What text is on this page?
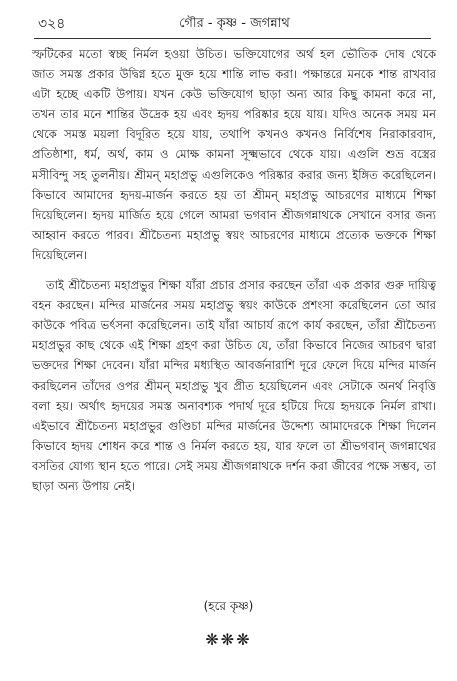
৩২৪	গৌর - কৃষ্ণ - জগন্নাথ

স্ফটিকের মতো স্বচ্ছ নির্মল হওয়া উচিত। ভক্তিযোগের অর্থ হল ভৌতিক দোষ থেকে জাত সমস্ত প্রকার উদ্বিগ্ন হতে মুক্ত হয়ে শান্তি লাভ করা। পক্ষান্তরে মনকে শান্ত রাখবার এটা হচ্ছে একটি উপায়। যখন কেউ ভক্তিযোগ ছাড়া অন্য আর কিছু কামনা করে না, তখন তার মনে শান্তির উদ্রেক হয় এবং হৃদয় পরিষ্কার হয়ে যায়। যদিও অনেক সময় মন থেকে সমস্ত ময়লা বিদূরিত হয়ে যায়, তথাপি কখনও কখনও নির্বিশেষ নিরাকারবাদ, প্রতিষ্ঠাশা, ধর্ম, অর্থ, কাম ও মোক্ষ কামনা সূক্ষ্মভাবে থেকে যায়। এগুলি শুভ্র বস্ত্রের মসীবিন্দু সহ তুলনীয়। শ্রীমন্ মহাপ্রভু এগুলিকেও পরিষ্কার করার জন্য ইঙ্গিত করেছিলেন। কিভাবে আমাদের হৃদয়-মার্জন করতে হয় তা শ্রীমন্ মহাপ্রভু আচরণের মাধ্যমে শিক্ষা দিয়েছিলেন। হৃদয় মার্জিত হয়ে গেলে আমরা ভগবান শ্রীজগন্নাথকে সেখানে বসার জন্য আহ্বান করতে পারব। শ্রীচৈতন্য মহাপ্রভু স্বয়ং আচরণের মাধ্যমে প্রত্যেক ভক্তকে শিক্ষা দিয়েছিলেন।

তাই শ্রীচৈতন্য মহাপ্রভুর শিক্ষা যাঁরা প্রচার প্রসার করছেন তাঁরা এক প্রকার গুরু দায়িত্ব বহন করছেন। মন্দির মার্জনের সময় মহাপ্রভু স্বয়ং কাউকে প্রশংসা করেছিলেন তো আর কাউকে পবিত্র ভর্ৎসনা করেছিলেন। তাই যাঁরা আচার্য রূপে কার্য করছেন, তাঁরা শ্রীচৈতন্য মহাপ্রভুর কাছ থেকে এই শিক্ষা গ্রহণ করা উচিত যে, তাঁরা কিভাবে নিজের আচরণ দ্বারা ভক্তদের শিক্ষা দেবেন। যাঁরা মন্দির মধ্যস্থিত আবর্জনারাশি দূরে ফেলে দিয়ে মন্দির মার্জন করছিলেন তাঁদের ওপর শ্রীমন্ মহাপ্রভু খুব প্রীত হয়েছিলেন এবং সেটাকে অনর্থ নিবৃত্তি বলা হয়। অর্থাৎ হৃদয়ের সমস্ত অনাবশ্যক পদার্থ দূরে হটিয়ে দিয়ে হৃদয়কে নির্মল রাখা। এইভাবে শ্রীচৈতন্য মহাপ্রভুর গুণ্ডিচা মন্দির মার্জনের উদ্দেশ্য আমাদেরকে শিক্ষা দিলেন কিভাবে হৃদয় শোধন করে শান্ত ও নির্মল করতে হয়, যার ফলে তা শ্রীভগবান্ জগন্নাথের বসতির যোগ্য স্থান হতে পারে। সেই সময় শ্রীজগন্নাথকে দর্শন করা জীবের পক্ষে সম্ভব, তা ছাড়া অন্য উপায় নেই।

(হরে কৃষ্ণ)
❋❋❋
